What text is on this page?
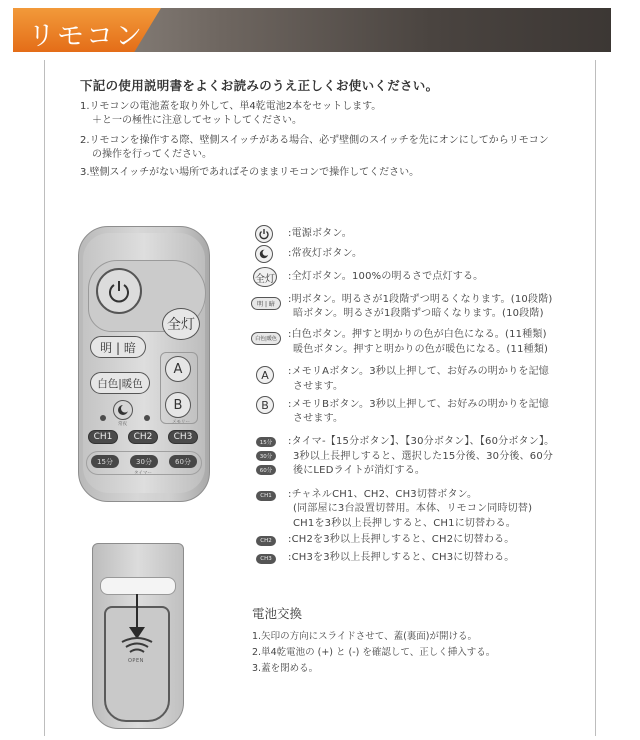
リモコン
下記の使用説明書をよくお読みのうえ正しくお使いください。
1.リモコンの電池蓋を取り外して、単4乾電池2本をセットします。
＋と一の極性に注意してセットしてください。
2.リモコンを操作する際、壁側スイッチがある場合、必ず壁側のスイッチを先にオンにしてからリモコン
の操作を行ってください。
3.壁側スイッチがない場所であればそのままリモコンで操作してください。
全灯
明 | 暗
白色|暖色
A
B
メモリー
常夜
CH1	CH2	CH3
15分	30分	60分
タイマー
:電源ボタン。
:常夜灯ボタン。
全灯 :全灯ボタン。100%の明るさで点灯する。
明 | 暗	:明ボタン。明るさが1段階ずつ明るくなります。(10段階)
暗ボタン。明るさが1段階ずつ暗くなります。(10段階)
白色|暖色	:白色ボタン。押すと明かりの色が白色になる。(11種類)
暖色ボタン。押すと明かりの色が暖色になる。(11種類)
A	:メモリAボタン。3秒以上押して、お好みの明かりを記憶
させます。
B	:メモリBボタン。3秒以上押して、お好みの明かりを記憶
させます。
15分
30分
60分
:タイマ-【15分ボタン】、【30分ボタン】、【60分ボタン】。
3秒以上長押しすると、選択した15分後、30分後、60分
後にLEDライトが消灯する。
CH1	:チャネルCH1、CH2、CH3切替ボタン。
(同部屋に3台設置切替用。本体、リモコン同時切替)
CH1を3秒以上長押しすると、CH1に切替わる。
CH2	:CH2を3秒以上長押しすると、CH2に切替わる。
CH3	:CH3を3秒以上長押しすると、CH3に切替わる。
OPEN
電池交換
1.矢印の方向にスライドさせて、蓋(裏面)が開ける。
2.単4乾電池の (+) と (-) を確認して、正しく挿入する。
3.蓋を閉める。
